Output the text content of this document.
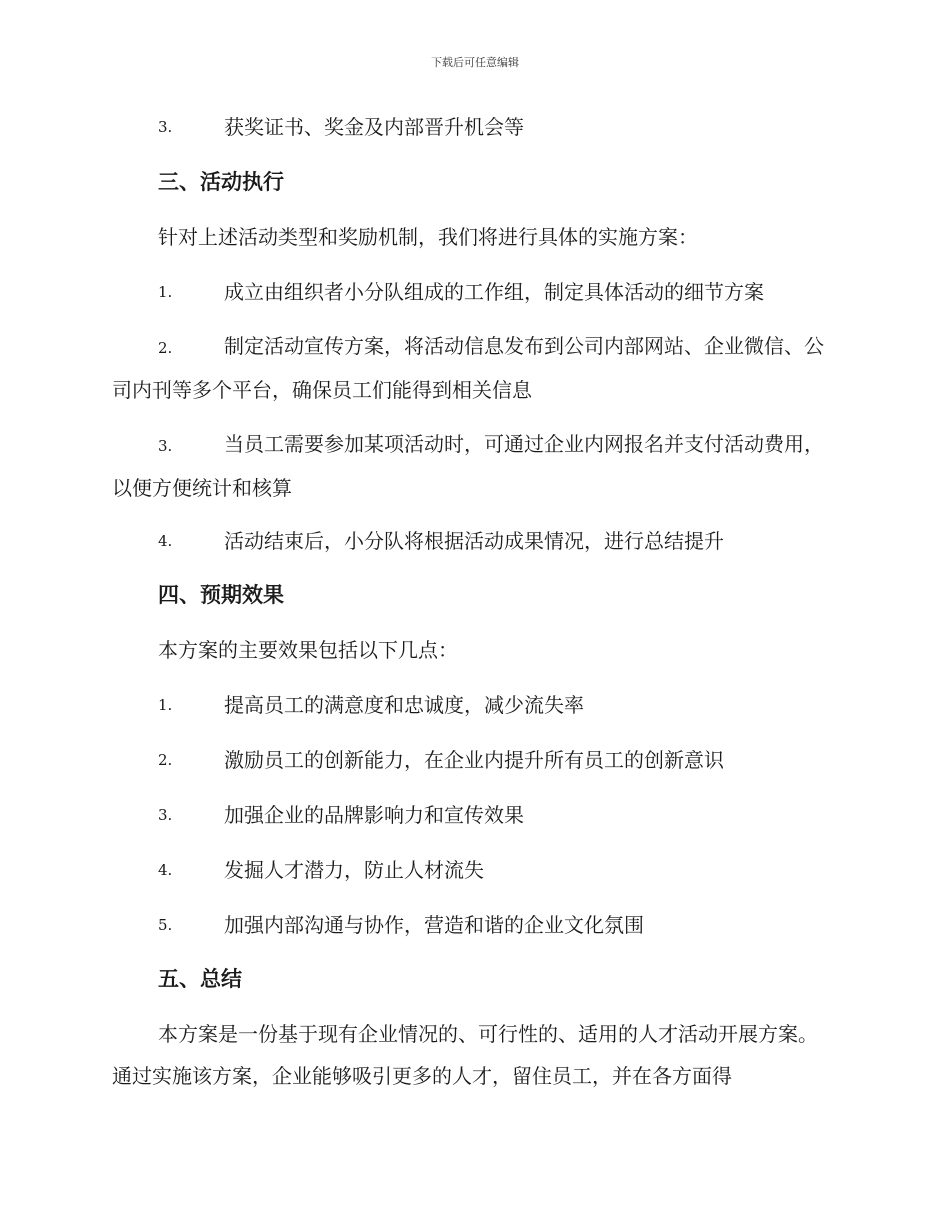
下载后可任意编辑
3.	获奖证书、奖金及内部晋升机会等
三、活动执行
针对上述活动类型和奖励机制，我们将进行具体的实施方案：
1.	成立由组织者小分队组成的工作组，制定具体活动的细节方案
2.	制定活动宣传方案，将活动信息发布到公司内部网站、企业微信、公司内刊等多个平台，确保员工们能得到相关信息
3.	当员工需要参加某项活动时，可通过企业内网报名并支付活动费用，以便方便统计和核算
4.	活动结束后，小分队将根据活动成果情况，进行总结提升
四、预期效果
本方案的主要效果包括以下几点：
1.	提高员工的满意度和忠诚度，减少流失率
2.	激励员工的创新能力，在企业内提升所有员工的创新意识
3.	加强企业的品牌影响力和宣传效果
4.	发掘人才潜力，防止人材流失
5.	加强内部沟通与协作，营造和谐的企业文化氛围
五、总结
本方案是一份基于现有企业情况的、可行性的、适用的人才活动开展方案。通过实施该方案，企业能够吸引更多的人才，留住员工，并在各方面得
